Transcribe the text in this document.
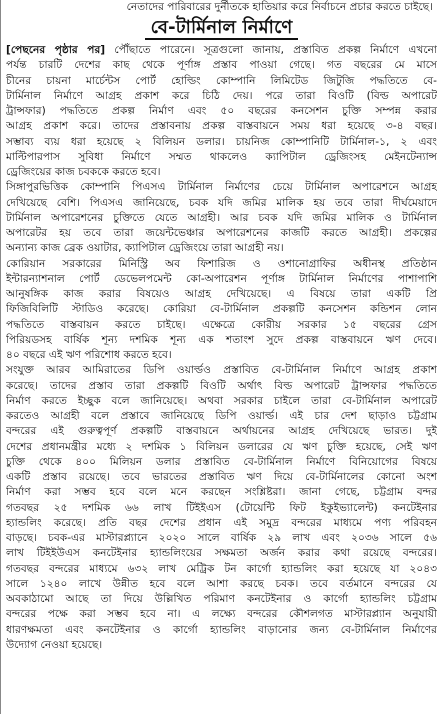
নেতাদের পারিবারের দুর্নীতকে হাতিয়ার করে নির্বাচনে প্রচার করতে চাইছে।
বে-টার্মিনাল নির্মাণে
[পেছনের পৃষ্ঠার পর] পৌঁছাতে পারেনে। সূত্রগুলো জানায়, প্রস্তাবিত প্রকল্প নির্মাণে এখনো
পর্যন্ত চারটি দেশের কাছ থেকে পূর্ণাঙ্গ প্রস্তাব পাওয়া গেছে। গত বছরের মে মাসে
চীনের চায়না মার্চেন্টস পোর্ট হোল্ডিং কোম্পানি লিমিটেড জিটুজি পদ্ধতিতে বে-
টার্মিনাল নির্মাণে আগ্রহ প্রকাশ করে চিঠি দেয়। পরে তারা বিওটি (বিল্ড অপারেট
ট্রান্সফার) পদ্ধতিতে প্রকল্প নির্মাণ এবং ৫০ বছরের কনসেশন চুক্তি সম্পন্ন করার
আগ্রহ প্রকাশ করে। তাদের প্রস্তাবনায় প্রকল্প বাস্তবায়নে সময় ধরা হয়েছে ৩-৪ বছর।
সম্ভাব্য ব্যয় ধরা হয়েছে ২ বিলিয়ন ডলার। চায়নিজ কোম্পানিটি টার্মিনাল-১, ২ এবং
মাল্টিপারপাস সুবিধা নির্মাণে সম্মত থাকলেও ক্যাপিটাল ড্রেজিংসহ মেইনটেন্যান্স
ড্রেজিংয়ের কাজ চবককে করতে হবে।
সিঙ্গাপুরভিত্তিক কোম্পানি পিএসএ টার্মিনাল নির্মাণের চেয়ে টার্মিনাল অপারেশনে আগ্রহ
দেখিয়েছে বেশি। পিএসএ জানিয়েছে, চবক যদি জমির মালিক হয় তবে তারা দীর্ঘমেয়াদে
টার্মিনাল অপারেশনের চুক্তিতে যেতে আগ্রহী। আর চবক যদি জমির মালিক ও টার্মিনাল
অপারেটর হয় তবে তারা জয়েন্টভেঞ্চার অপারেশনের কাজটি করতে আগ্রহী। প্রকল্পের
অন্যান্য কাজ ব্রেক ওয়াটার, ক্যাপিটাল ড্রেজিংয়ে তারা আগ্রহী নয়।
কোরিয়ান সরকারের মিনিস্ট্রি অব ফিশারিজ ও ওশানোগ্রাফির অধীনস্থ প্রতিষ্ঠান
ইন্টারন্যাশনাল পোর্ট ডেভেলপমেন্ট কো-অপারেশন পূর্ণাঙ্গ টার্মিনাল নির্মাণের পাশাপাশি
আনুষঙ্গিক কাজ করার বিষয়েও আগ্রহ দেখিয়েছে। এ বিষয়ে তারা একটি প্রি
ফিজিবিলিটি স্টাডিও করেছে। কোরিয়া বে-টার্মিনাল প্রকল্পটি কনসেশন কন্ডিশন লোন
পদ্ধতিতে বাস্তবায়ন করতে চাইছে। এক্ষেত্রে কোরীয় সরকার ১৫ বছরের গ্রেস
পিরিয়ডসহ বার্ষিক শূন্য দশমিক শূন্য এক শতাংশ সুদে প্রকল্প বাস্তবায়নে ঋণ দেবে।
৪০ বছরে এই ঋণ পরিশোধ করতে হবে।
সংযুক্ত আরব আমিরাতের ডিপি ওয়ার্ল্ডও প্রস্তাবিত বে-টার্মিনাল নির্মাণে আগ্রহ প্রকাশ
করেছে। তাদের প্রস্তাব তারা প্রকল্পটি বিওটি অর্থাৎ বিল্ড অপারেট ট্রান্সফার পদ্ধতিতে
নির্মাণ করতে ইচ্ছুক বলে জানিয়েছে। অথবা সরকার চাইলে তারা বে-টার্মিনাল অপারেট
করতেও আগ্রহী বলে প্রস্তাবে জানিয়েছে ডিপি ওয়ার্ল্ড। এই চার দেশ ছাড়াও চট্টগ্রাম
বন্দরের এই গুরুত্বপূর্ণ প্রকল্পটি বাস্তবায়নে অর্থায়নের আগ্রহ দেখিয়েছে ভারত। দুই
দেশের প্রধানমন্ত্রীর মধ্যে ২ দশমিক ১ বিলিয়ন ডলারের যে ঋণ চুক্তি হয়েছে, সেই ঋণ
চুক্তি থেকে ৪০০ মিলিয়ন ডলার প্রস্তাবিত বে-টার্মিনাল নির্মাণে বিনিয়োগের বিষয়ে
একটি প্রস্তাব রয়েছে। তবে ভারতের প্রস্তাবিত ঋণ দিয়ে বে-টার্মিনালের কোনো অংশ
নির্মাণ করা সম্ভব হবে বলে মনে করছেন সংশ্লিষ্টরা। জানা গেছে, চট্টগ্রাম বন্দর
গতবছর ২৫ দশমিক ৬৬ লাখ টিইইএস (টোয়েন্টি ফিট ইকুইভ্যালেন্ট) কনটেইনার
হ্যান্ডলিং করেছে। প্রতি বছর দেশের প্রধান এই সমুদ্র বন্দরের মাধ্যমে পণ্য পরিবহন
বাড়ছে। চবক-এর মাস্টারপ্ল্যানে ২০২০ সালে বার্ষিক ২৯ লাখ এবং ২০৩৬ সালে ৫৬
লাখ টিইইউএস কনটেইনার হ্যান্ডলিংয়ের সক্ষমতা অর্জন করার কথা রয়েছে বন্দরের।
গতবছর বন্দরের মাধ্যমে ৬৩২ লাখ মেট্রিক টন কার্গো হ্যান্ডলিং করা হয়েছে যা ২০৪৩
সালে ১২৪০ লাখে উন্নীত হবে বলে আশা করছে চবক। তবে বর্তমানে বন্দরের যে
অবকাঠামো আছে তা দিয়ে উল্লিখিত পরিমাণ কনটেইনার ও কার্গো হ্যান্ডলিং চট্টগ্রাম
বন্দরের পক্ষে করা সম্ভব হবে না। এ লক্ষ্যে বন্দরের কৌশলগত মাস্টারপ্ল্যান অনুযায়ী
ধারণক্ষমতা এবং কনটেইনার ও কার্গো হ্যান্ডলিং বাড়ানোর জন্য বে-টার্মিনাল নির্মাণের
উদ্যোগ নেওয়া হয়েছে।
